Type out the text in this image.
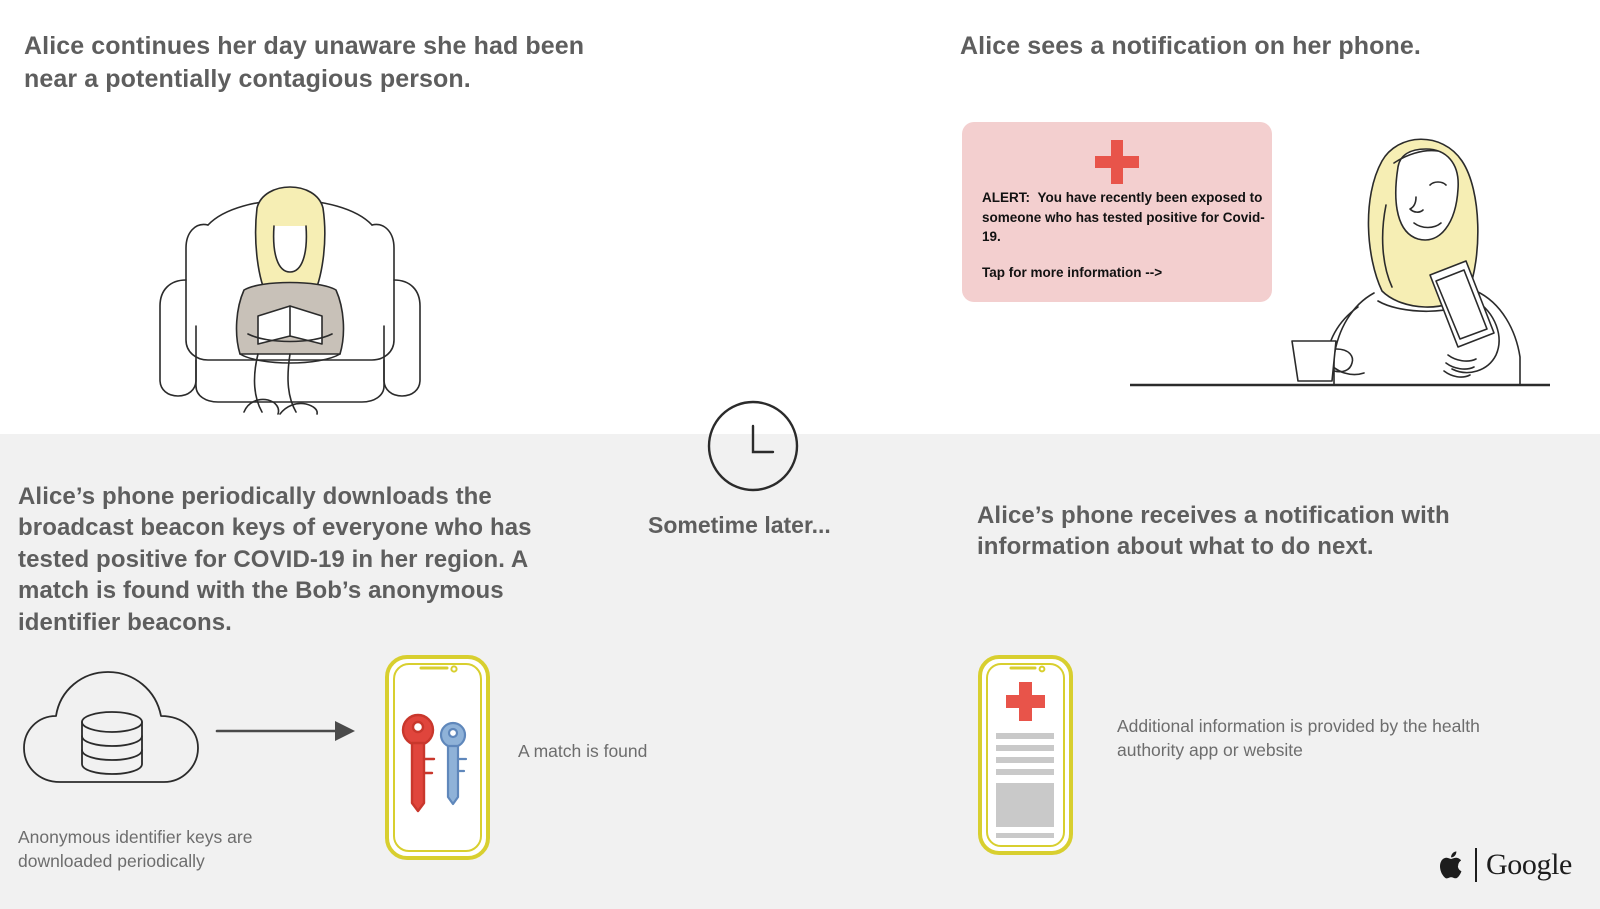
Alice continues her day unaware she had been near a potentially contagious person.
Alice sees a notification on her phone.
ALERT: You have recently been exposed to someone who has tested positive for Covid-19.
Tap for more information -->
Sometime later...
Alice’s phone periodically downloads the broadcast beacon keys of everyone who has tested positive for COVID-19 in her region. A match is found with the Bob’s anonymous identifier beacons.
A match is found
Anonymous identifier keys are downloaded periodically
Alice’s phone receives a notification with information about what to do next.
Additional information is provided by the health authority app or website
Google
